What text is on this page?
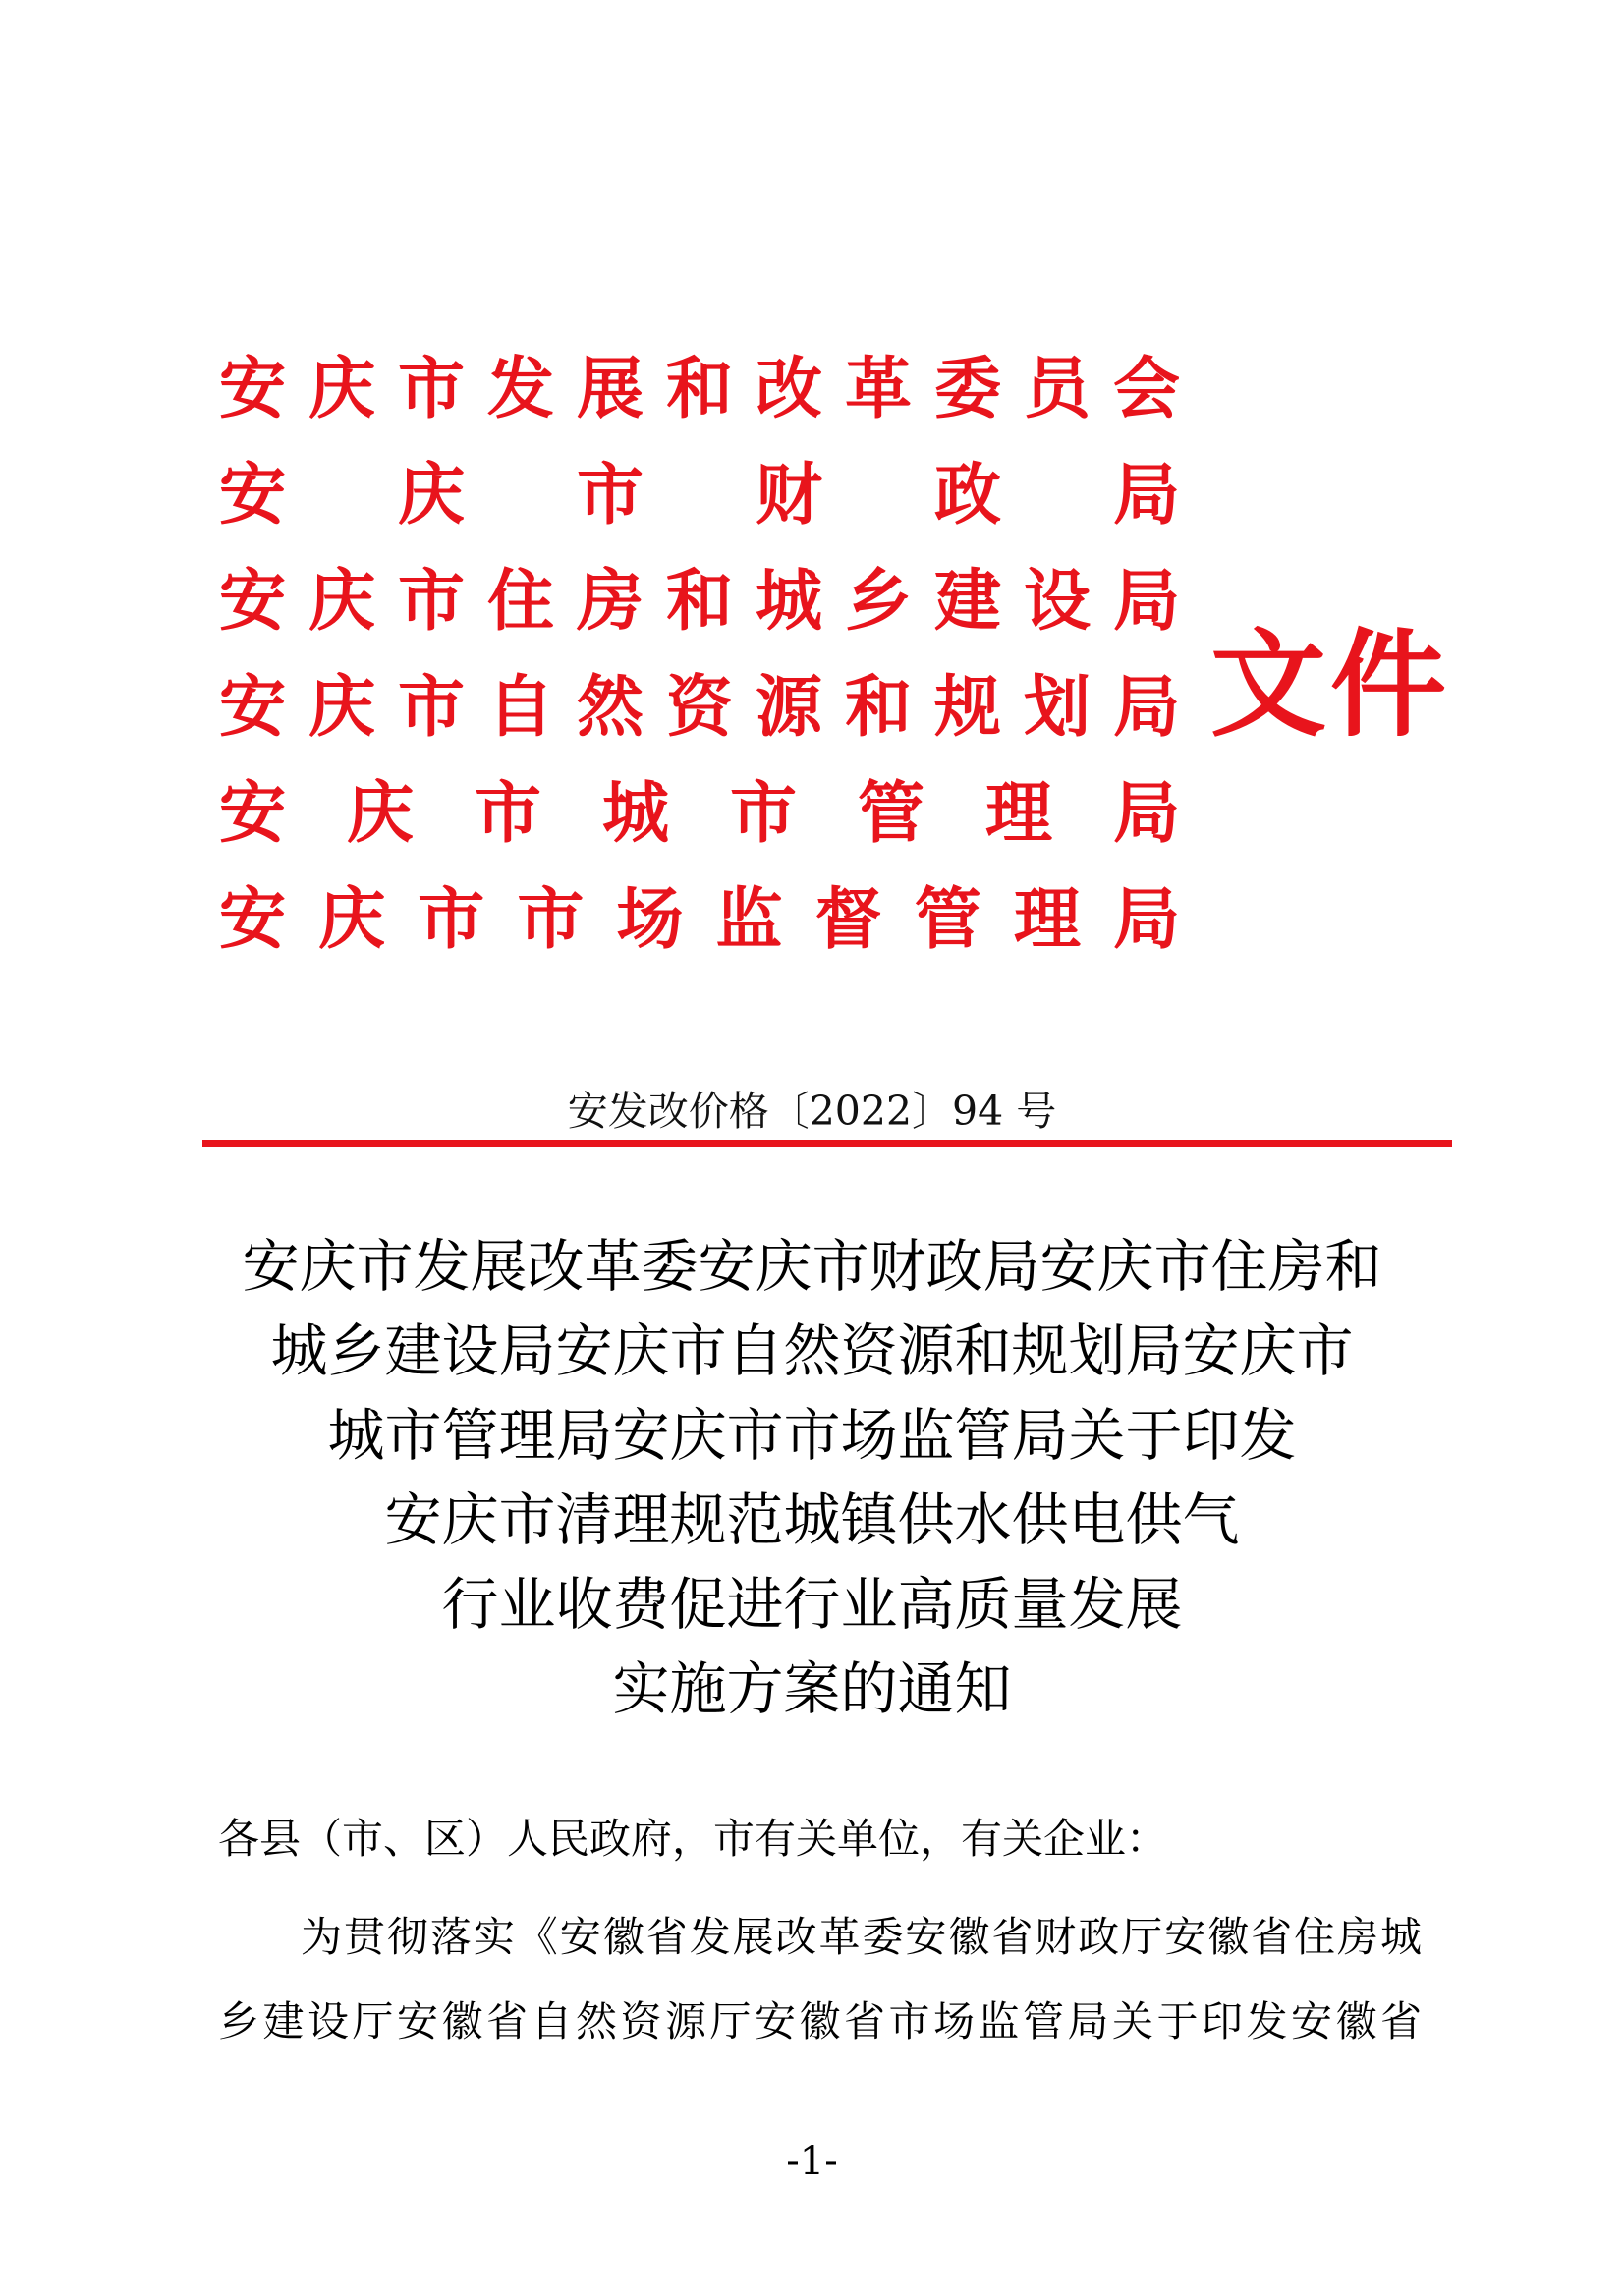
安 庆 市 发 展 和 改 革 委 员 会
安 庆 市 财 政 局
安 庆 市 住 房 和 城 乡 建 设 局
安 庆 市 自 然 资 源 和 规 划 局
安 庆 市 城 市 管 理 局
安 庆 市 市 场 监 督 管 理 局
文件
安发改价格〔2022〕94 号
安庆市发展改革委安庆市财政局安庆市住房和
城乡建设局安庆市自然资源和规划局安庆市
城市管理局安庆市市场监管局关于印发
安庆市清理规范城镇供水供电供气
行业收费促进行业高质量发展
实施方案的通知
各县（市、区）人民政府，市有关单位，有关企业：
为贯彻落实《安徽省发展改革委安徽省财政厅安徽省住房城
乡建设厅安徽省自然资源厅安徽省市场监管局关于印发安徽省
-1-
